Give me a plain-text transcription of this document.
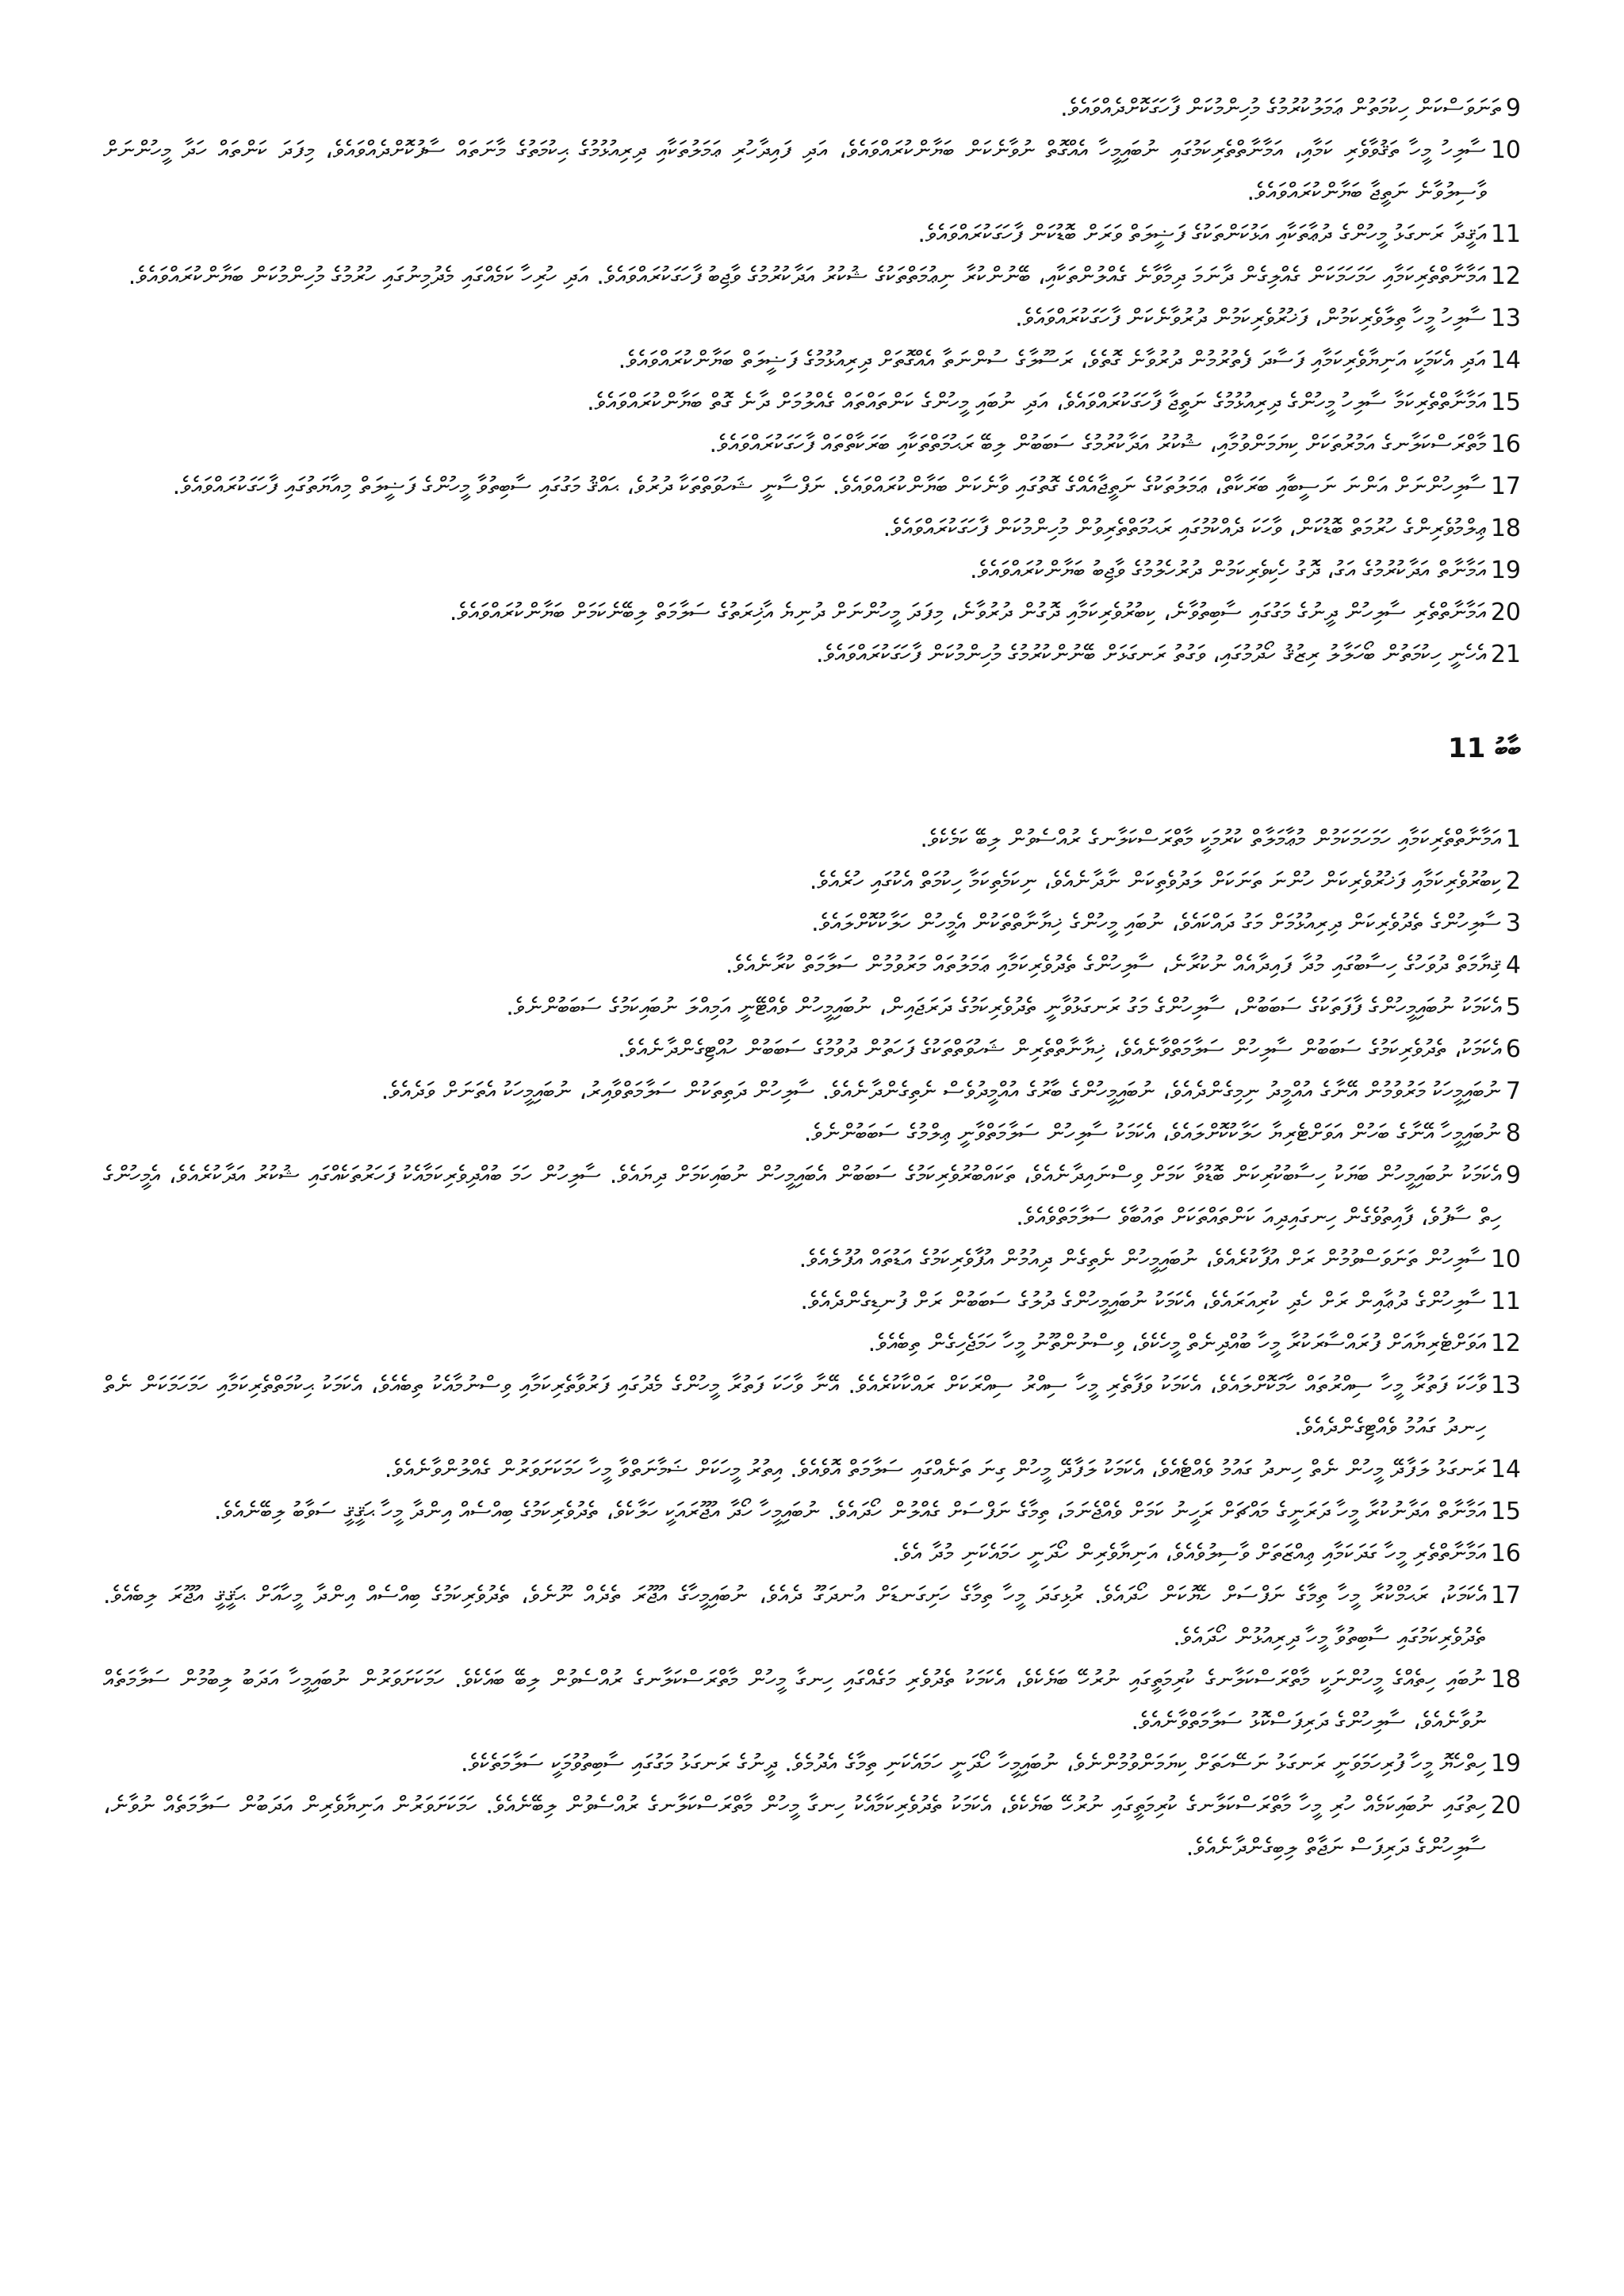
9
ތަނަވަސްކަން ހިކުމަތުން ޢަމަލުކުރުމުގެ މުހިންމުކަން ފާހަގަކޮށްދެއްވައެވެ.

10
ސާލިހު މީހާ ތަޤުވާވެރި ކަމާއި، އަމާނާތްތެރިކަމުގައި ނުބައިމީހާ އެއްގޮތް ނުވާނެކަން ބަޔާންކުރައްވައެވެ، އަދި ފައިދާހުރި ޢަމަލުތަކާއި ދިރިއުޅުމުގެ ޙިކުމަތުގެ މާނަތައް ސާފުކޮށްދެއްވައެވެ، މިފަދަ ކަންތައް ހަދާ މީހުންނަށް ވާސިލުވާނެ ނަތީޖާ ބަޔާންކުރައްވައެވެ.

11
އަޤީދާ ރަނގަޅު މީހުންގެ ދުޢާތަކާއި އަޅުކަންތަކުގެ ފަޟީލަތް ވަރަށް ބޮޑުކަން ފާހަގަކުރައްވައެވެ.

12
އަމާނާތްތެރިކަމާއި ހަމަހަމަކަން ގެއްލިގެން ދާނަމަ ދިމާވާނެ ގެއްލުންތަކާއި، ބޭނުންކުރާ ނިޢުމަތްތަކުގެ ޝުކުރު އަދާކުރުމުގެ ވާޖިބު ފާހަގަކުރައްވައެވެ. އަދި ހުރިހާ ކަމެއްގައި މެދުމިނުގައި ހުރުމުގެ މުހިންމުކަން ބަޔާންކުރައްވައެވެ.

13
ސާލިހު މީހާ ތިލާވެރިކަމުން، ފަޚުރުވެރިކަމުން ދުރުވާނެކަން ފާހަގަކުރައްވައެވެ.

14
އަދި އެކަމަކީ އަނިޔާވެރިކަމާއި ފަސާދަ ފެތުރުމުން ދުރުވާނެ ގޮތެވެ، ރަސޫލާގެ ސުންނަތާ އެއްގޮތަށް ދިރިއުޅުމުގެ ފަޟީލަތް ބަޔާންކުރައްވައެވެ.

15
އަމާނާތްތެރިކަމާ ސާލިހު މީހުންގެ ދިރިއުޅުމުގެ ނަތީޖާ ފާހަގަކުރައްވައެވެ، އަދި ނުބައި މީހުންގެ ކަންތައްތައް ގެއްލުމަށް ދާނެ ގޮތް ބަޔާންކުރައްވައެވެ.

16
މާތްރަސްކަލާނގެ އަމުރުތަކަށް ކިޔަމަންވުމާއި، ޝުކުރު އަދާކުރުމުގެ ސަބަބުން ލިބޭ ރަޙުމަތްތަކާއި ބަރަކާތްތައް ފާހަގަކުރައްވައެވެ.

17
ސާލިހުންނަށް އަންނަ ނަސީބާއި ބަރަކާތް، ޢަމަލުތަކުގެ ނަތީޖާއެއްގެ ގޮތުގައި ވާނެކަން ބަޔާންކުރައްވައެވެ. ނަފްސާނީ ޝަހުވަތްތަކާ ދުރުވެ، ޙައްޤު މަގުގައި ސާބިތުވާ މީހުންގެ ފަޟީލަތް މިއާޔަތުގައި ފާހަގަކުރައްވައެވެ.

18
ޢިލްމުވެރިންގެ ހުރުމަތް ބޮޑުކަން، ވާހަކަ ދެއްކުމުގައި ރަޙުމަތްތެރިވުން މުހިންމުކަން ފާހަގަކުރައްވައެވެ.

19
އަމާނާތް އަދާކުރުމުގެ އަގު، ދޮގު ހެކިވެރިކަމުން ދުރުހެލުމުގެ ވާޖިބު ބަޔާންކުރައްވައެވެ.

20
އަމާނާތްތެރި ސާލިހުން ދީނުގެ މަގުގައި ސާބިތުވާނެ، ކިބުރުވެރިކަމާއި ދޮގުން ދުރުވާނެ، މިފަދަ މީހުންނަށް ދުނިޔެ އާޚިރަތުގެ ސަލާމަތް ލިބޭނެކަމަށް ބަޔާންކުރައްވައެވެ.

21
އެހެނީ ހިކުމަތުން ބޯހަލާލު ރިޒުޤު ހޯދުމުގައި، ވަގުތު ރަނގަޅަށް ބޭނުންކުރުމުގެ މުހިންމުކަން ފާހަގަކުރައްވައެވެ.

ބާބު 11

1
އަމާނާތްތެރިކަމާއި ހަމަހަމަކަމުން މުޢާމަލާތް ކުރުމަކީ މާތްރަސްކަލާނގެ ރުއްސެވުން ލިބޭ ކަމެކެވެ.

2
ކިބުރުވެރިކަމާއި ފަޚުރުވެރިކަން ހުންނަ ތަނަކަށް ލަދުވެތިކަން ނާދާނެއެވެ، ނިކަމެތިކަމާ ހިކުމަތް އެކުގައި ހުރެއެވެ.

3
ސާލިހުންގެ ތެދުވެރިކަން ދިރިއުޅުމަށް މަގު ދައްކައެވެ، ނުބައި މީހުންގެ ޚިޔާނާތްތަކުން އެމީހުން ހަލާކުކޮށްލައެވެ.

4
ޤިޔާމަތް ދުވަހުގެ ހިސާބުގައި މުދާ ފައިދާއެއް ނުކުރާނެ، ސާލިހުންގެ ތެދުވެރިކަމާއި ޢަމަލުތައް މަރުވުމުން ސަލާމަތް ކުރާނެއެވެ.

5
އެކަމަކު ނުބައިމީހުންގެ ފާފަތަކުގެ ސަބަބުން، ސާލިހުންގެ މަގު ރަނގަޅުވާނީ ތެދުވެރިކަމުގެ ދަރަޖައިން، ނުބައިމީހުން ވެއްޓޭނީ އަމިއްލަ ނުބައިކަމުގެ ސަބަބުންނެވެ.

6
އެކަމަކު، ތެދުވެރިކަމުގެ ސަބަބުން ސާލިހުން ސަލާމަތްވާނެއެވެ، ޚިޔާނާތްތެރިން ޝަހުވަތްތަކުގެ ފަހަތުން ދުވުމުގެ ސަބަބުން ހުއްޓިގެންދާނެއެވެ.

7
ނުބައިމީހަކު މަރުވުމުން އޭނާގެ އުއްމީދު ނިމިގެންދެއެވެ، ނުބައިމީހުންގެ ބާރުގެ އުއްމީދުވެސް ނެތިގެންދާނެއެވެ. ސާލިހުން ދަތިތަކުން ސަލާމަތްވާއިރު، ނުބައިމީހަކު އެތަނަށް ވަދެއެވެ.

8
ނުބައިމީހާ އޭނާގެ ބަހުން އަވަށްޓެރިޔާ ހަލާކުކޮށްލައެވެ، އެކަމަކު ސާލިހުން ސަލާމަތްވާނީ ޢިލްމުގެ ސަބަބުންނެވެ.

9
އެކަމަކު ނުބައިމީހުން ބަޔަކު ހިސާބުކުރިކަން ބޮޑުވާ ކަމަށް ވިސްނައިދާނެއެވެ، ތަކައްބުރުވެރިކަމުގެ ސަބަބުން އެބައިމީހުން ނުބައިކަމަށް ދިޔައެވެ. ސާލިހުން ހަމަ ބުއްދިވެރިކަމާއެކު ފަހަރުތަކެއްގައި ޝުކުރު އަދާކުރެއެވެ، އެމީހުންގެ ހިތް ސާފުވެ، ފާއިތުވެގެން ހިނގައިދިއަ ކަންތައްތަކަށް ތައުބާވެ ސަލާމަތްވެއެވެ.

10
ސާލިހުން ތަނަވަސްވުމުން ރަށް އުފާކުރެއެވެ، ނުބައިމީހުން ނެތިގެން ދިއުމުން އުފާވެރިކަމުގެ އަޑުތައް އުފުލެއެވެ.

11
ސާލިހުންގެ ދުޢާއިން ރަށް ހެދި ކުރިއަރައެވެ، އެކަމަކު ނުބައިމީހުންގެ ދުލުގެ ސަބަބުން ރަށް ފުނޑިގެންދެއެވެ.

12
އަވަށްޓެރިޔާއަށް ފުރައްސާރަކުރާ މީހާ ބުއްދިނެތް މީހެކެވެ، ވިސްނުންތޫނު މީހާ ހަމަޖެހިގެން ތިބެއެވެ.

13
ވާހަކަ ފަތުރާ މީހާ ސިއްރުތައް ހާމަކޮށްލައެވެ، އެކަމަކު ވަފާތެރި މީހާ ސިއްރު ސިއްރަކަށް ރައްކާކުރެއެވެ. އޭނާ ވާހަކަ ފަތުރާ މީހުންގެ މެދުގައި ފަރުވާތެރިކަމާއި ވިސްނުމާއެކު ތިބެއެވެ، އެކަމަކު ޙިކުމަތްތެރިކަމާއި ހަމަހަމަކަން ނެތް ހިނދު ގައުމު ވެއްޓިގެންދެއެވެ.

14
ރަނގަޅު ލަފާދޭ މީހުން ނެތް ހިނދު ގައުމު ވެއްޓެއެވެ، އެކަމަކު ލަފާދޭ މީހުން ގިނަ ތަނެއްގައި ސަލާމަތް އޮވެއެވެ. އިތުރު މީހަކަށް ޟަމާނަތްވާ މީހާ ހަމަކަށަވަރުން ގެއްލުންވާނެއެވެ.

15
އަމާނާތް އަދާނުކުރާ މީހާ ދަރަނީގެ މައްޗަށް ރަހީނު ކަމަށް ވެއްޖެނަމަ، ތިމާގެ ނަފްސަށް ގެއްލުން ހޯދައެވެ. ނުބައިމީހާ ހޯދާ އުޖޫރައަކީ ހަލާކެވެ، ތެދުވެރިކަމުގެ ބިއްސެއް އިންދާ މީހާ ޙަޤީޤީ ސަވާބު ލިބޭނެއެވެ.

16
އަމާނާތްތެރި މީހާ ގަދަކަމާއި ޢިއްޒަތަށް ވާސިލުވެއެވެ، އަނިޔާވެރިން ހޯދަނީ ހަމައެކަނި މުދާ އެވެ.

17
އެކަމަކު، ރަޙުމްކުރާ މީހާ ތިމާގެ ނަފްސަށް ހެޔޮކަން ހޯދައެވެ. ރުޅިގަދަ މީހާ ތިމާގެ ހަށިގަނޑަށް އުނދަގޫ ދެއެވެ، ނުބައިމީހާގެ އުޖޫރަ ތެދެއް ނޫނެވެ، ތެދުވެރިކަމުގެ ބިއްސެއް އިންދާ މީހާއަށް ޙަޤީޤީ އުޖޫރަ ލިބެއެވެ. ތެދުވެރިކަމުގައި ސާބިތުވާ މީހާ ދިރިއުޅުން ހޯދައެވެ.

18
ނުބައި ހިތެއްގެ މީހުންނަކީ މާތްރަސްކަލާނގެ ކުރިމަތީގައި ނުރުހޭ ބަޔެކެވެ، އެކަމަކު ތެދުވެރި މަގެއްގައި ހިނގާ މީހުން މާތްރަސްކަލާނގެ ރުއްސެވުން ލިބޭ ބައެކެވެ. ހަމަކަށަވަރުން ނުބައިމީހާ އަދަބު ލިބުމުން ސަލާމަތެއް ނުވާނެއެވެ، ސާލިހުންގެ ދަރިފަސްކޮޅު ސަލާމަތްވާނެއެވެ.

19
ހިތްހެޔޮ މީހާ ފުރިހަމަވަނީ ރަނގަޅު ނަސޭހަތަށް ކިޔަމަންވުމުންނެވެ، ނުބައިމީހާ ހޯދަނީ ހަމައެކަނި ތިމާގެ އެދުމެވެ. ދީނުގެ ރަނގަޅު މަގުގައި ސާބިތުވުމަކީ ސަލާމަތެކެވެ.

20
ހިތުގައި ނުބައިކަމެއް ހުރި މީހާ މާތްރަސްކަލާނގެ ކުރިމަތީގައި ނުރުހޭ ބަޔެކެވެ، އެކަމަކު ތެދުވެރިކަމާއެކު ހިނގާ މީހުން މާތްރަސްކަލާނގެ ރުއްސެވުން ލިބޭނެއެވެ. ހަމަކަށަވަރުން އަނިޔާވެރިން އަދަބުން ސަލާމަތެއް ނުވާނެ، ސާލިހުންގެ ދަރިފަސް ނަޖާތް ލިބިގެންދާނެއެވެ.
